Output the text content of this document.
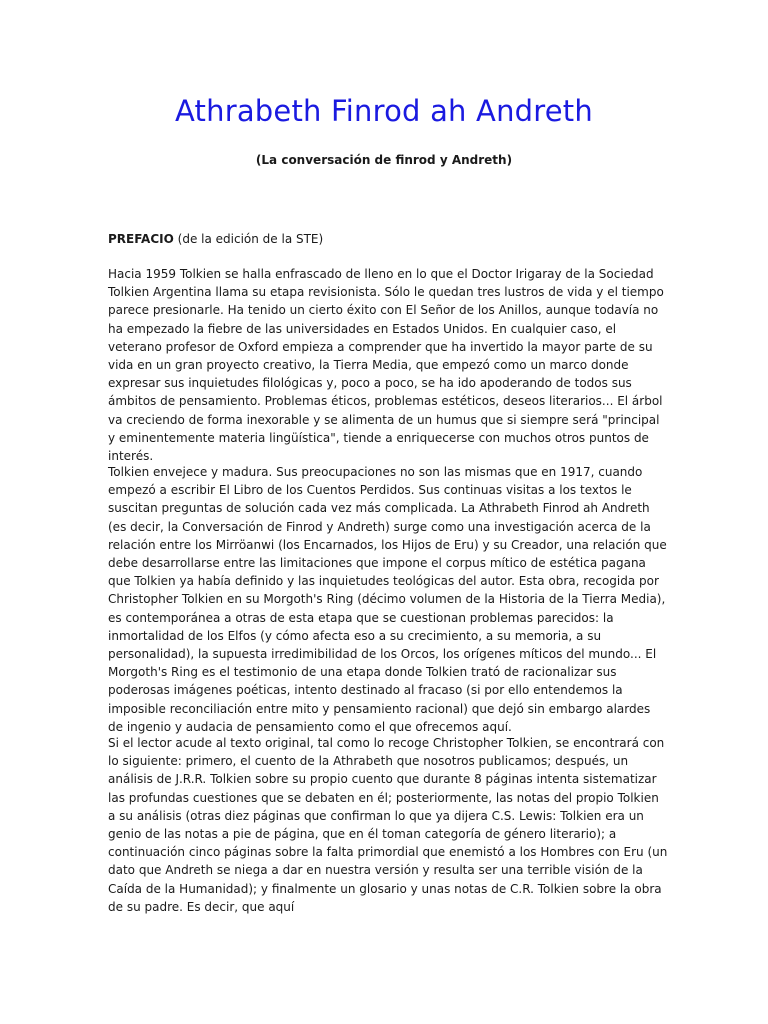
Athrabeth Finrod ah Andreth
(La conversación de finrod y Andreth)
PREFACIO (de la edición de la STE)

Hacia 1959 Tolkien se halla enfrascado de lleno en lo que el Doctor Irigaray de la Sociedad Tolkien Argentina llama su etapa revisionista. Sólo le quedan tres lustros de vida y el tiempo parece presionarle. Ha tenido un cierto éxito con El Señor de los Anillos, aunque todavía no ha empezado la fiebre de las universidades en Estados Unidos. En cualquier caso, el veterano profesor de Oxford empieza a comprender que ha invertido la mayor parte de su vida en un gran proyecto creativo, la Tierra Media, que empezó como un marco donde expresar sus inquietudes filológicas y, poco a poco, se ha ido apoderando de todos sus ámbitos de pensamiento. Problemas éticos, problemas estéticos, deseos literarios... El árbol va creciendo de forma inexorable y se alimenta de un humus que si siempre será "principal y eminentemente materia lingüística", tiende a enriquecerse con muchos otros puntos de interés.

Tolkien envejece y madura. Sus preocupaciones no son las mismas que en 1917, cuando empezó a escribir El Libro de los Cuentos Perdidos. Sus continuas visitas a los textos le suscitan preguntas de solución cada vez más complicada. La Athrabeth Finrod ah Andreth (es decir, la Conversación de Finrod y Andreth) surge como una investigación acerca de la relación entre los Mirröanwi (los Encarnados, los Hijos de Eru) y su Creador, una relación que debe desarrollarse entre las limitaciones que impone el corpus mítico de estética pagana que Tolkien ya había definido y las inquietudes teológicas del autor. Esta obra, recogida por Christopher Tolkien en su Morgoth's Ring (décimo volumen de la Historia de la Tierra Media), es contemporánea a otras de esta etapa que se cuestionan problemas parecidos: la inmortalidad de los Elfos (y cómo afecta eso a su crecimiento, a su memoria, a su personalidad), la supuesta irredimibilidad de los Orcos, los orígenes míticos del mundo... El Morgoth's Ring es el testimonio de una etapa donde Tolkien trató de racionalizar sus poderosas imágenes poéticas, intento destinado al fracaso (si por ello entendemos la imposible reconciliación entre mito y pensamiento racional) que dejó sin embargo alardes de ingenio y audacia de pensamiento como el que ofrecemos aquí.

Si el lector acude al texto original, tal como lo recoge Christopher Tolkien, se encontrará con lo siguiente: primero, el cuento de la Athrabeth que nosotros publicamos; después, un análisis de J.R.R. Tolkien sobre su propio cuento que durante 8 páginas intenta sistematizar las profundas cuestiones que se debaten en él; posteriormente, las notas del propio Tolkien a su análisis (otras diez páginas que confirman lo que ya dijera C.S. Lewis: Tolkien era un genio de las notas a pie de página, que en él toman categoría de género literario); a continuación cinco páginas sobre la falta primordial que enemistó a los Hombres con Eru (un dato que Andreth se niega a dar en nuestra versión y resulta ser una terrible visión de la Caída de la Humanidad); y finalmente un glosario y unas notas de C.R. Tolkien sobre la obra de su padre. Es decir, que aquí
